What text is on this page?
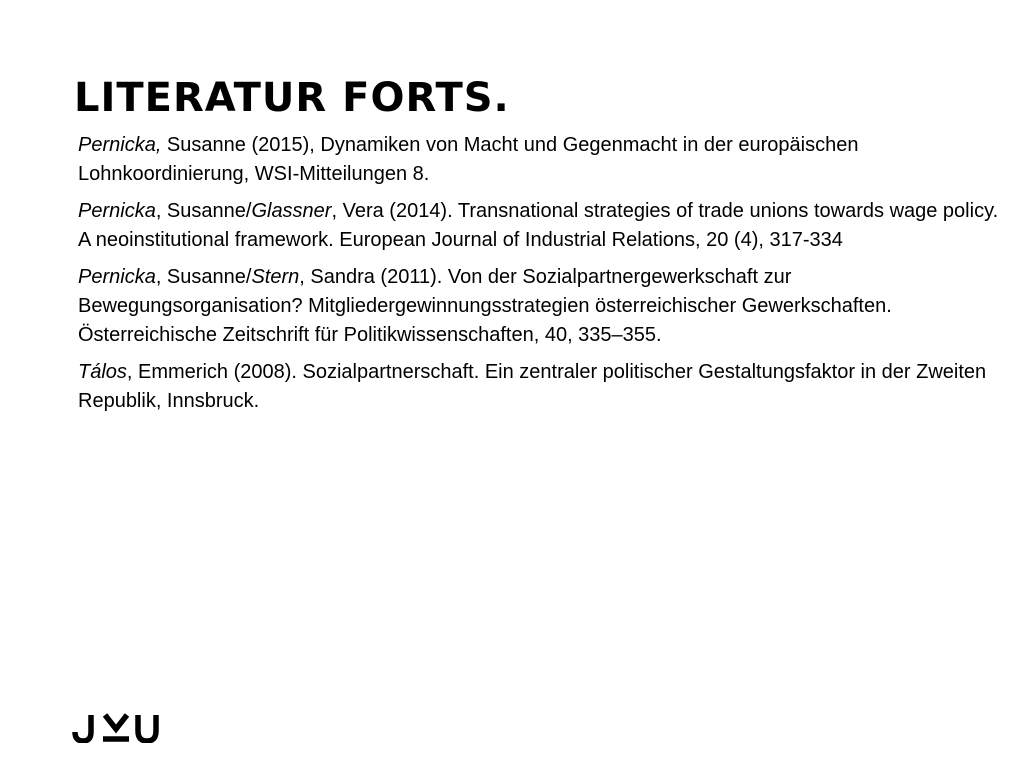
LITERATUR FORTS.
Pernicka, Susanne (2015), Dynamiken von Macht und Gegenmacht in der europäischen Lohnkoordinierung, WSI-Mitteilungen 8.
Pernicka, Susanne/Glassner, Vera (2014). Transnational strategies of trade unions towards wage policy. A neoinstitutional framework. European Journal of Industrial Relations, 20 (4), 317-334
Pernicka, Susanne/Stern, Sandra (2011). Von der Sozialpartnergewerkschaft zur Bewegungsorganisation? Mitgliedergewinnungsstrategien österreichischer Gewerkschaften. Österreichische Zeitschrift für Politikwissenschaften, 40, 335–355.
Tálos, Emmerich (2008). Sozialpartnerschaft. Ein zentraler politischer Gestaltungsfaktor in der Zweiten Republik, Innsbruck.
